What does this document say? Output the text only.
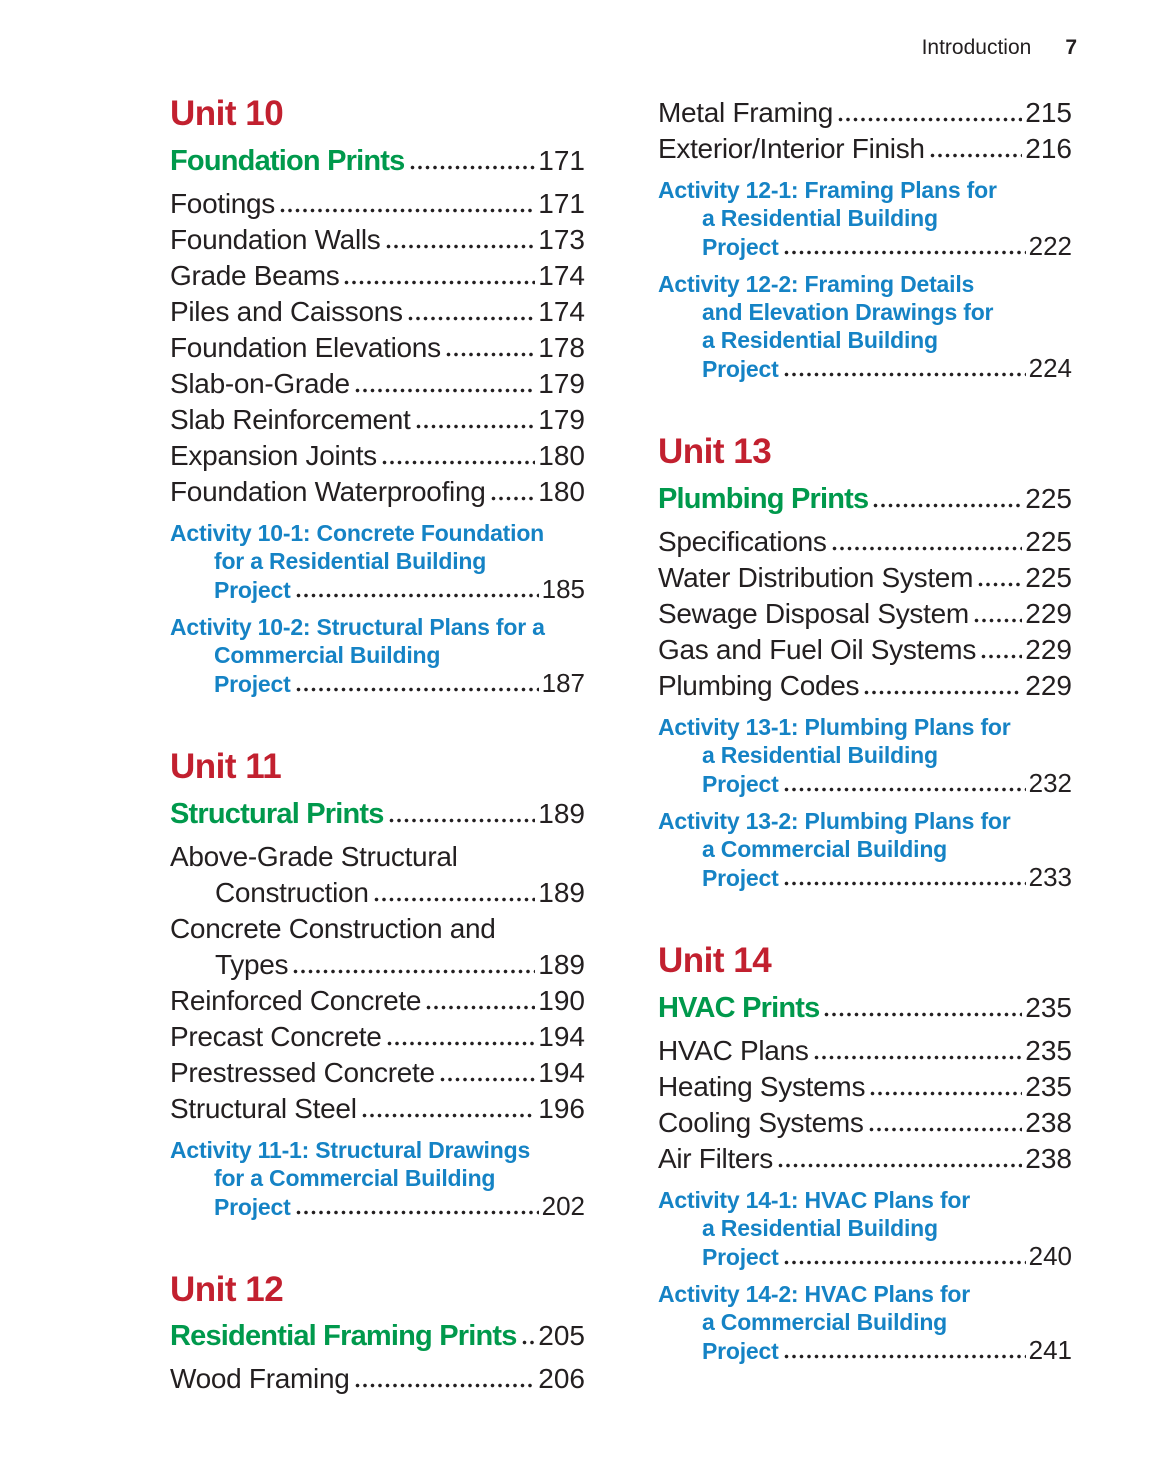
Introduction 7
Unit 10
Foundation Prints	171
Footings	171
Foundation Walls	173
Grade Beams	174
Piles and Caissons	174
Foundation Elevations	178
Slab-on-Grade	179
Slab Reinforcement	179
Expansion Joints	180
Foundation Waterproofing 180
Activity 10-1: Concrete Foundation
for a Residential Building
Project	185
Activity 10-2: Structural Plans for a
Commercial Building
Project	187
Unit 11
Structural Prints	189
Above-Grade Structural
Construction	189
Concrete Construction and
Types	189
Reinforced Concrete	190
Precast Concrete	194
Prestressed Concrete	194
Structural Steel	196
Activity 11-1: Structural Drawings
for a Commercial Building
Project	202
Unit 12
Residential Framing Prints 205
Wood Framing	206
Metal Framing	215
Exterior/Interior Finish	216
Activity 12-1: Framing Plans for
a Residential Building
Project	222
Activity 12-2: Framing Details
and Elevation Drawings for
a Residential Building
Project	224
Unit 13
Plumbing Prints	225
Specifications	225
Water Distribution System 225
Sewage Disposal System 229
Gas and Fuel Oil Systems 229
Plumbing Codes	229
Activity 13-1: Plumbing Plans for
a Residential Building
Project	232
Activity 13-2: Plumbing Plans for
a Commercial Building
Project	233
Unit 14
HVAC Prints	235
HVAC Plans	235
Heating Systems	235
Cooling Systems	238
Air Filters	238
Activity 14-1: HVAC Plans for
a Residential Building
Project	240
Activity 14-2: HVAC Plans for
a Commercial Building
Project	241
